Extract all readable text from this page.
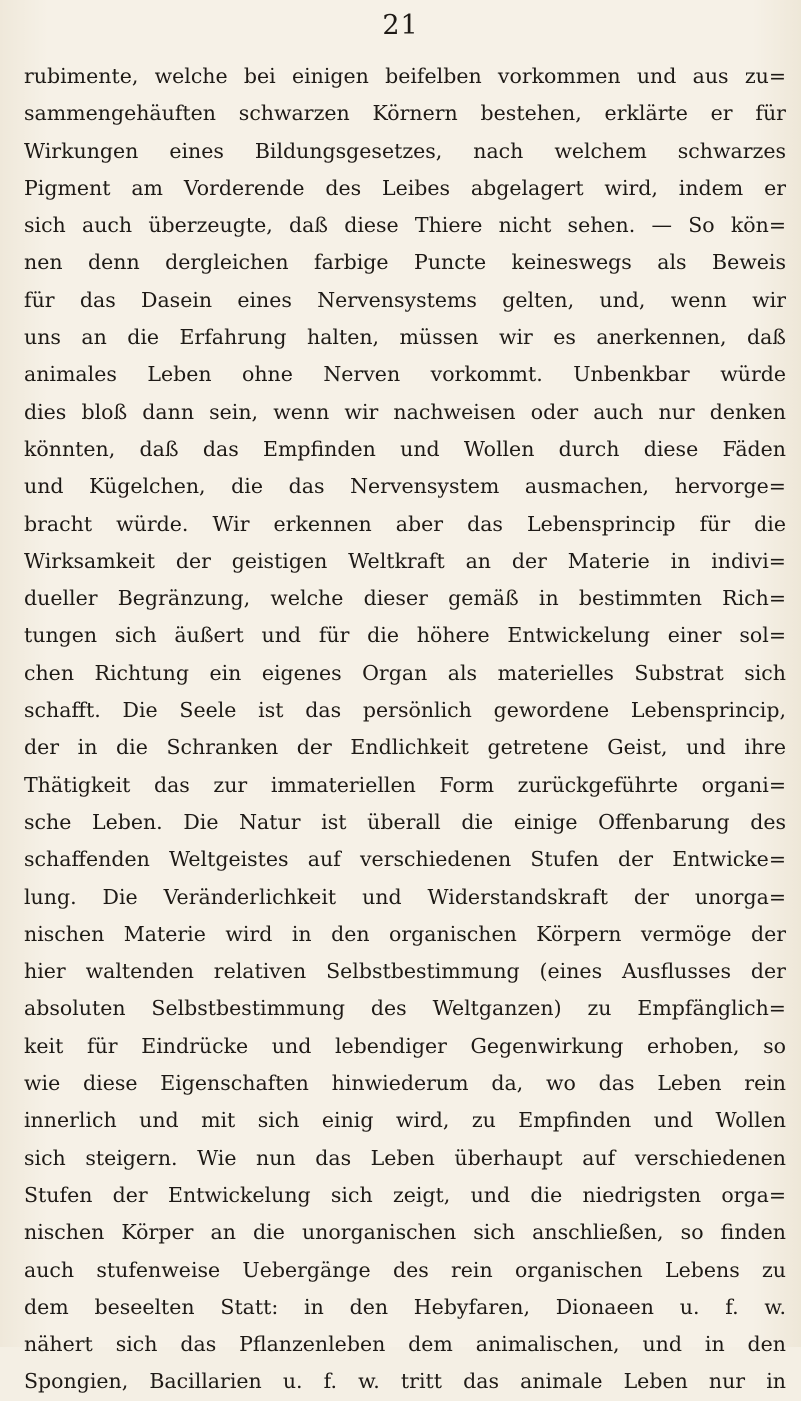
21
rubimente, welche bei einigen beifelben vorkommen und aus zu=
sammengehäuften schwarzen Körnern bestehen, erklärte er für
Wirkungen eines Bildungsgesetzes, nach welchem schwarzes
Pigment am Vorderende des Leibes abgelagert wird, indem er
sich auch überzeugte, daß diese Thiere nicht sehen. — So kön=
nen denn dergleichen farbige Puncte keineswegs als Beweis
für das Dasein eines Nervensystems gelten, und, wenn wir
uns an die Erfahrung halten, müssen wir es anerkennen, daß
animales Leben ohne Nerven vorkommt. Unbenkbar würde
dies bloß dann sein, wenn wir nachweisen oder auch nur denken
könnten, daß das Empfinden und Wollen durch diese Fäden
und Kügelchen, die das Nervensystem ausmachen, hervorge=
bracht würde. Wir erkennen aber das Lebensprincip für die
Wirksamkeit der geistigen Weltkraft an der Materie in indivi=
dueller Begränzung, welche dieser gemäß in bestimmten Rich=
tungen sich äußert und für die höhere Entwickelung einer sol=
chen Richtung ein eigenes Organ als materielles Substrat sich
schafft. Die Seele ist das persönlich gewordene Lebensprincip,
der in die Schranken der Endlichkeit getretene Geist, und ihre
Thätigkeit das zur immateriellen Form zurückgeführte organi=
sche Leben. Die Natur ist überall die einige Offenbarung des
schaffenden Weltgeistes auf verschiedenen Stufen der Entwicke=
lung. Die Veränderlichkeit und Widerstandskraft der unorga=
nischen Materie wird in den organischen Körpern vermöge der
hier waltenden relativen Selbstbestimmung (eines Ausflusses der
absoluten Selbstbestimmung des Weltganzen) zu Empfänglich=
keit für Eindrücke und lebendiger Gegenwirkung erhoben, so
wie diese Eigenschaften hinwiederum da, wo das Leben rein
innerlich und mit sich einig wird, zu Empfinden und Wollen
sich steigern. Wie nun das Leben überhaupt auf verschiedenen
Stufen der Entwickelung sich zeigt, und die niedrigsten orga=
nischen Körper an die unorganischen sich anschließen, so finden
auch stufenweise Uebergänge des rein organischen Lebens zu
dem beseelten Statt: in den Hebyfaren, Dionaeen u. f. w.
nähert sich das Pflanzenleben dem animalischen, und in den
Spongien, Bacillarien u. f. w. tritt das animale Leben nur in
